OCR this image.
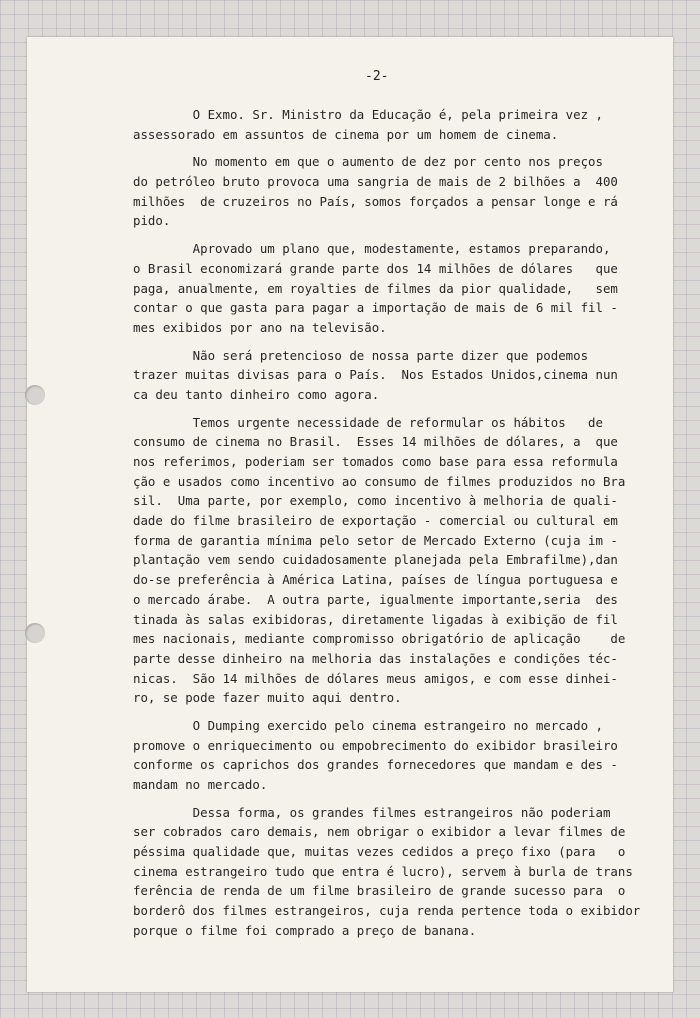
-2-
O Exmo. Sr. Ministro da Educação é, pela primeira vez ,
assessorado em assuntos de cinema por um homem de cinema.
No momento em que o aumento de dez por cento nos preços
do petróleo bruto provoca uma sangria de mais de 2 bilhões a  400
milhões  de cruzeiros no País, somos forçados a pensar longe e rá
pido.
Aprovado um plano que, modestamente, estamos preparando,
o Brasil economizará grande parte dos 14 milhões de dólares   que
paga, anualmente, em royalties de filmes da pior qualidade,   sem
contar o que gasta para pagar a importação de mais de 6 mil fil -
mes exibidos por ano na televisão.
Não será pretencioso de nossa parte dizer que podemos
trazer muitas divisas para o País.  Nos Estados Unidos,cinema nun
ca deu tanto dinheiro como agora.
Temos urgente necessidade de reformular os hábitos   de
consumo de cinema no Brasil.  Esses 14 milhões de dólares, a  que
nos referimos, poderiam ser tomados como base para essa reformula
ção e usados como incentivo ao consumo de filmes produzidos no Bra
sil.  Uma parte, por exemplo, como incentivo à melhoria de quali-
dade do filme brasileiro de exportação - comercial ou cultural em
forma de garantia mínima pelo setor de Mercado Externo (cuja im -
plantação vem sendo cuidadosamente planejada pela Embrafilme),dan
do-se preferência à América Latina, países de língua portuguesa e
o mercado árabe.  A outra parte, igualmente importante,seria  des
tinada às salas exibidoras, diretamente ligadas à exibição de fil
mes nacionais, mediante compromisso obrigatório de aplicação    de
parte desse dinheiro na melhoria das instalações e condições téc-
nicas.  São 14 milhões de dólares meus amigos, e com esse dinhei-
ro, se pode fazer muito aqui dentro.
O Dumping exercido pelo cinema estrangeiro no mercado ,
promove o enriquecimento ou empobrecimento do exibidor brasileiro
conforme os caprichos dos grandes fornecedores que mandam e des -
mandam no mercado.
Dessa forma, os grandes filmes estrangeiros não poderiam
ser cobrados caro demais, nem obrigar o exibidor a levar filmes de
péssima qualidade que, muitas vezes cedidos a preço fixo (para   o
cinema estrangeiro tudo que entra é lucro), servem à burla de trans
ferência de renda de um filme brasileiro de grande sucesso para  o
borderô dos filmes estrangeiros, cuja renda pertence toda o exibidor
porque o filme foi comprado a preço de banana.
